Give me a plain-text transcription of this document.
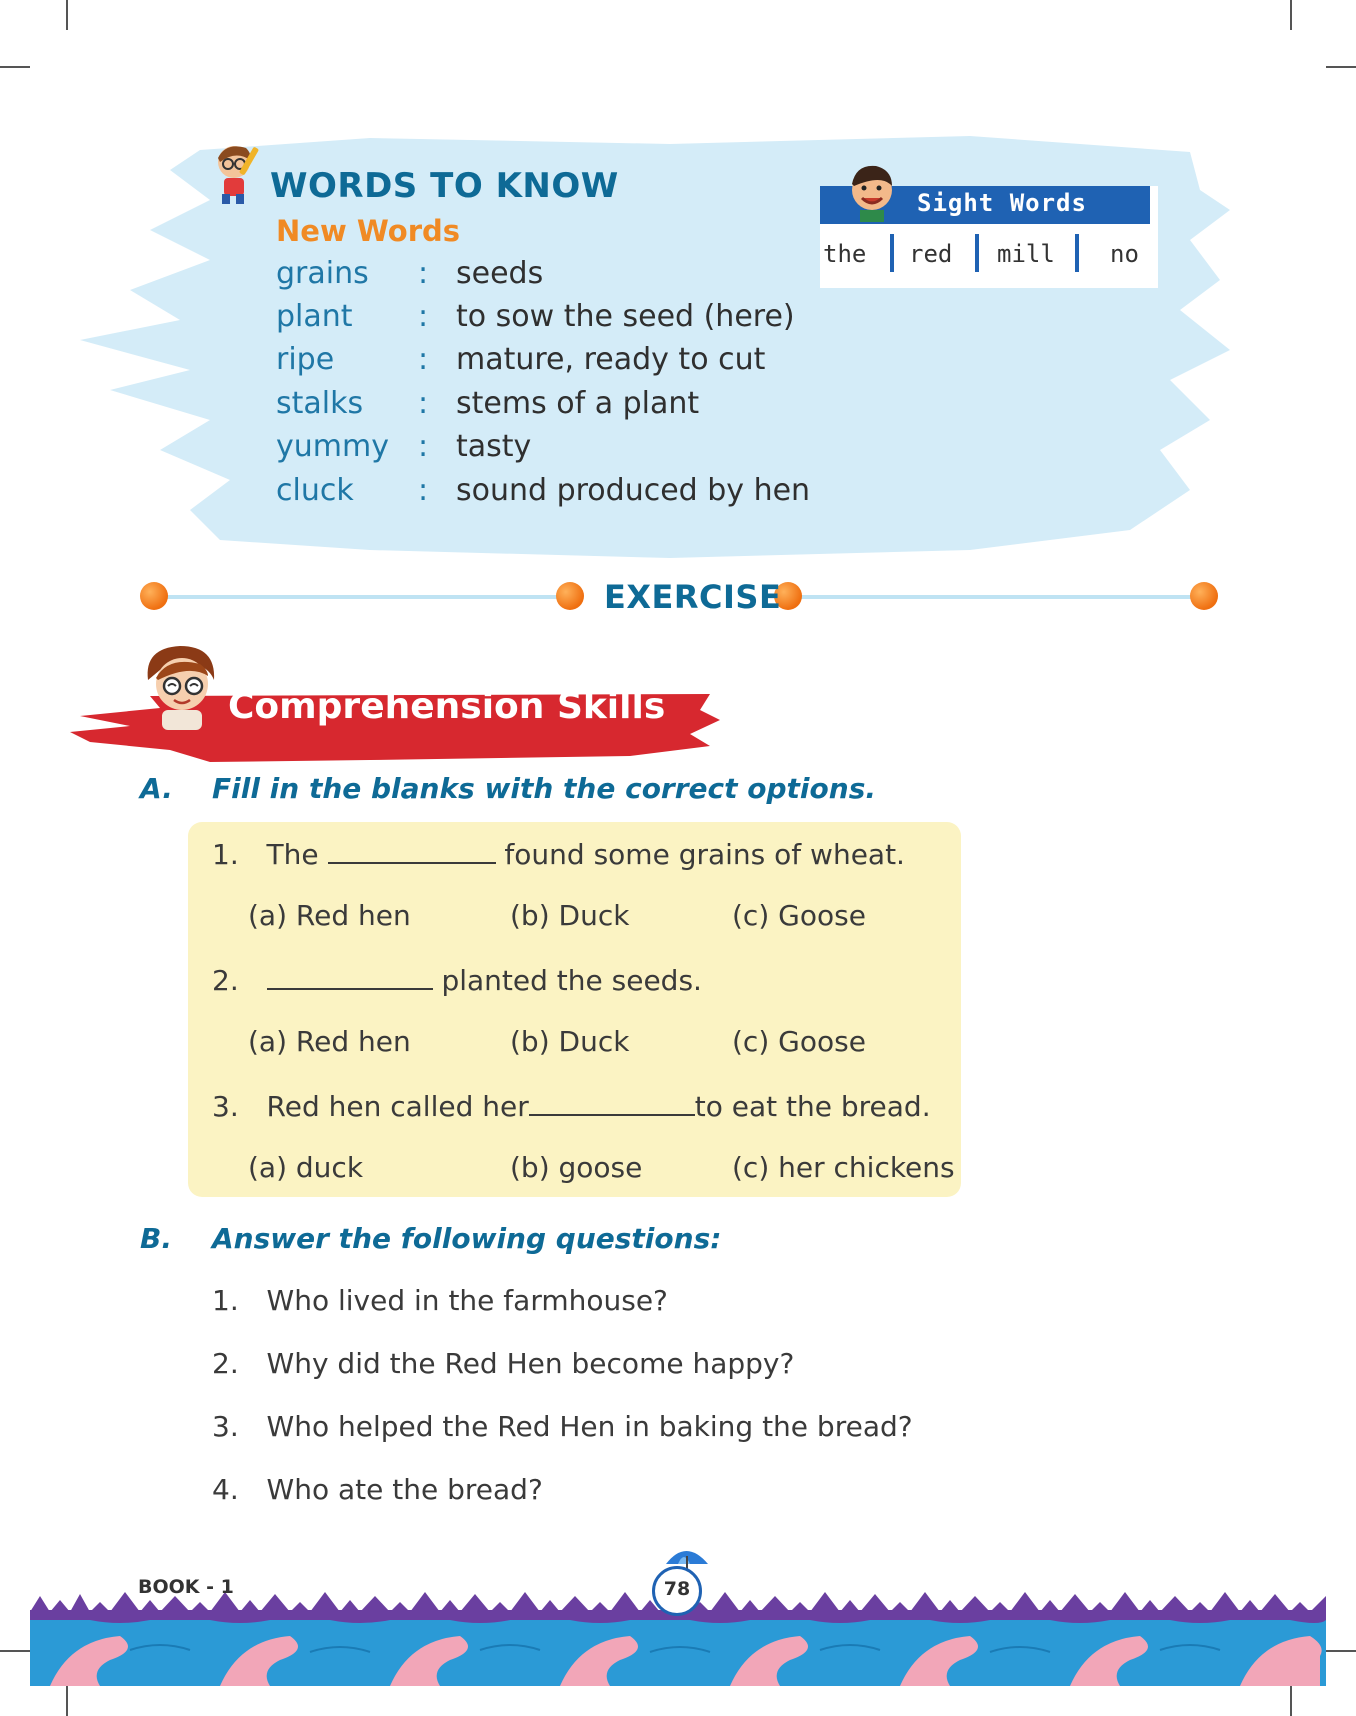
WORDS TO KNOW
New Words
grains : seeds
plant : to sow the seed (here)
ripe	: mature, ready to cut
stalks : stems of a plant
yummy : tasty
cluck : sound produced by hen
Sight Words
the red mill no
EXERCISE
Comprehension Skills
A. Fill in the blanks with the correct options.
1. The	found some grains of wheat.
(a) Red hen	(b) Duck	(c) Goose
2.	planted the seeds.
(a) Red hen	(b) Duck	(c) Goose
3. Red hen called her	to eat the bread.
(a) duck	(b) goose	(c) her chickens
B. Answer the following questions:
1. Who lived in the farmhouse?
2. Why did the Red Hen become happy?
3. Who helped the Red Hen in baking the bread?
4. Who ate the bread?
BOOK - 1	78
